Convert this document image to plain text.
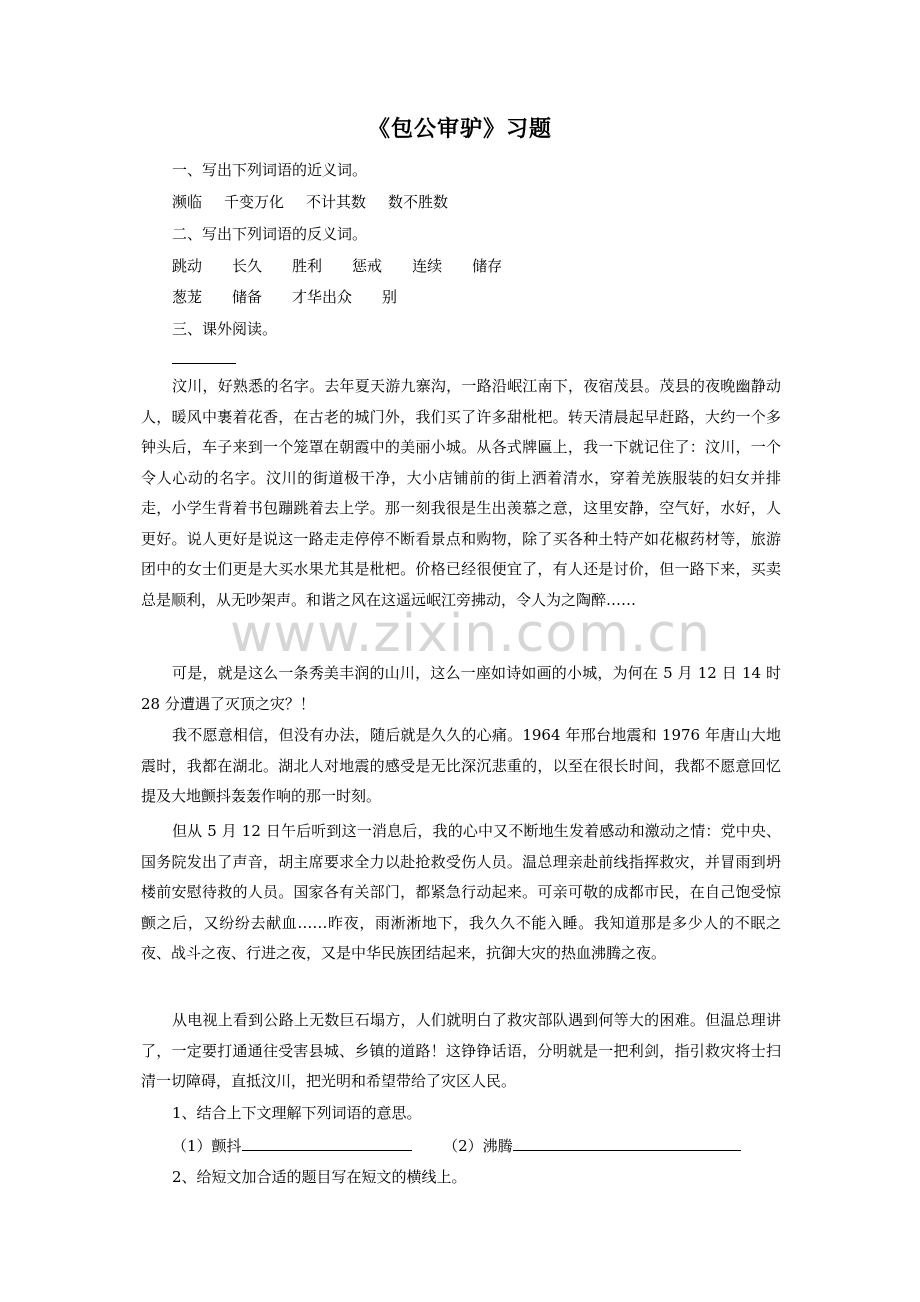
《包公审驴》习题
一、写出下列词语的近义词。
濒临 千变万化 不计其数 数不胜数
二、写出下列词语的反义词。
跳动 长久 胜利 惩戒 连续 储存
葱茏 储备 才华出众 别
三、课外阅读。
汶川，好熟悉的名字。去年夏天游九寨沟，一路沿岷江南下，夜宿茂县。茂县的夜晚幽静动人，暖风中裹着花香，在古老的城门外，我们买了许多甜枇杷。转天清晨起早赶路，大约一个多钟头后，车子来到一个笼罩在朝霞中的美丽小城。从各式牌匾上，我一下就记住了：汶川，一个令人心动的名字。汶川的街道极干净，大小店铺前的街上洒着清水，穿着羌族服装的妇女并排走，小学生背着书包蹦跳着去上学。那一刻我很是生出羡慕之意，这里安静，空气好，水好，人更好。说人更好是说这一路走走停停不断看景点和购物，除了买各种土特产如花椒药材等，旅游团中的女士们更是大买水果尤其是枇杷。价格已经很便宜了，有人还是讨价，但一路下来，买卖总是顺利，从无吵架声。和谐之风在这遥远岷江旁拂动，令人为之陶醉……
可是，就是这么一条秀美丰润的山川，这么一座如诗如画的小城，为何在 5 月 12 日 14 时 28 分遭遇了灭顶之灾？！
我不愿意相信，但没有办法，随后就是久久的心痛。1964 年邢台地震和 1976 年唐山大地震时，我都在湖北。湖北人对地震的感受是无比深沉悲重的，以至在很长时间，我都不愿意回忆提及大地颤抖轰轰作响的那一时刻。
但从 5 月 12 日午后听到这一消息后，我的心中又不断地生发着感动和激动之情：党中央、国务院发出了声音，胡主席要求全力以赴抢救受伤人员。温总理亲赴前线指挥救灾，并冒雨到坍楼前安慰待救的人员。国家各有关部门，都紧急行动起来。可亲可敬的成都市民，在自己饱受惊颤之后，又纷纷去献血……昨夜，雨淅淅地下，我久久不能入睡。我知道那是多少人的不眠之夜、战斗之夜、行进之夜，又是中华民族团结起来，抗御大灾的热血沸腾之夜。
从电视上看到公路上无数巨石塌方，人们就明白了救灾部队遇到何等大的困难。但温总理讲了，一定要打通通往受害县城、乡镇的道路！这铮铮话语，分明就是一把利剑，指引救灾将士扫清一切障碍，直抵汶川，把光明和希望带给了灾区人民。
1、结合上下文理解下列词语的意思。
（1）颤抖	（2）沸腾
2、给短文加合适的题目写在短文的横线上。
www.zixin.com.cn
